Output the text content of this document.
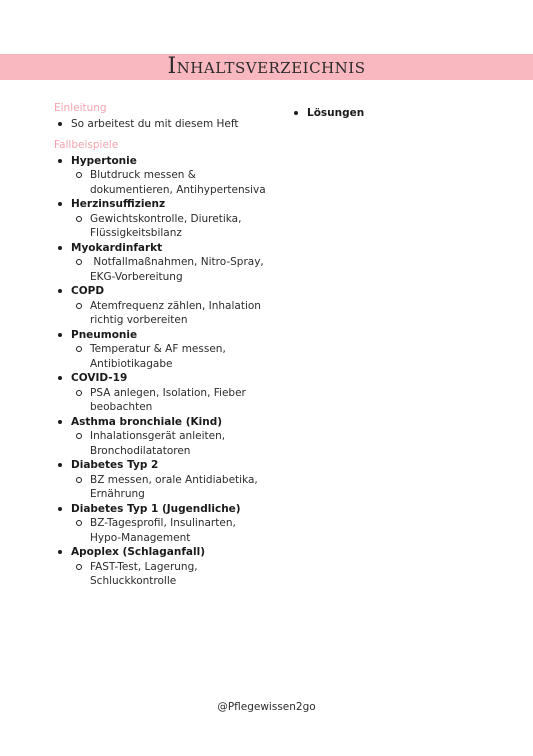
Inhaltsverzeichnis
Einleitung
So arbeitest du mit diesem Heft
Fallbeispiele
Hypertonie
Blutdruck messen &
dokumentieren, Antihypertensiva
Herzinsuffizienz
Gewichtskontrolle, Diuretika,
Flüssigkeitsbilanz
Myokardinfarkt
Notfallmaßnahmen, Nitro-Spray,
EKG-Vorbereitung
COPD
Atemfrequenz zählen, Inhalation
richtig vorbereiten
Pneumonie
Temperatur & AF messen,
Antibiotikagabe
COVID-19
PSA anlegen, Isolation, Fieber
beobachten
Asthma bronchiale (Kind)
Inhalationsgerät anleiten,
Bronchodilatatoren
Diabetes Typ 2
BZ messen, orale Antidiabetika,
Ernährung
Diabetes Typ 1 (Jugendliche)
BZ-Tagesprofil, Insulinarten,
Hypo-Management
Apoplex (Schlaganfall)
FAST-Test, Lagerung,
Schluckkontrolle
Lösungen
@Pflegewissen2go
